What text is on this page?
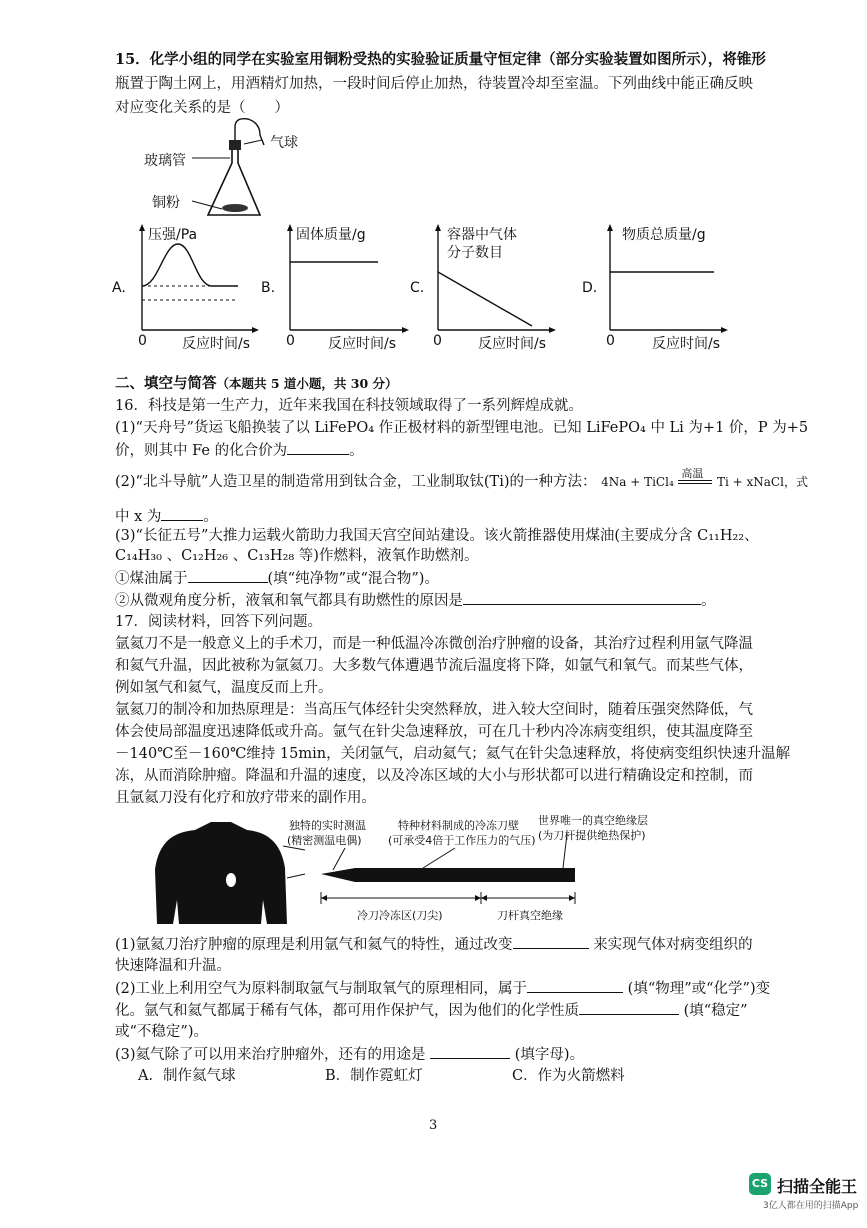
15．化学小组的同学在实验室用铜粉受热的实验验证质量守恒定律（部分实验装置如图所示），将锥形
瓶置于陶土网上，用酒精灯加热，一段时间后停止加热，待装置冷却至室温。下列曲线中能正确反映
对应变化关系的是（　　）
气球
玻璃管
铜粉
A.
压强/Pa
0	反应时间/s
B.
固体质量/g
0 反应时间/s
C.
容器中气体
分子数目
0	反应时间/s
D.
物质总质量/g
0	反应时间/s
二、填空与简答（本题共 5 道小题，共 30 分）
16．科技是第一生产力，近年来我国在科技领域取得了一系列辉煌成就。
(1)“天舟号”货运飞船换装了以 LiFePO₄ 作正极材料的新型锂电池。已知 LiFePO₄ 中 Li 为+1 价，P 为+5
价，则其中 Fe 的化合价为	。
(2)“北斗导航”人造卫星的制造常用到钛合金，工业制取钛(Ti)的一种方法： 4Na + TiCl₄
高温
Ti + xNaCl，式
中 x 为	。
(3)“长征五号”大推力运载火箭助力我国天宫空间站建设。该火箭推器使用煤油(主要成分含 C₁₁H₂₂、
C₁₄H₃₀ 、C₁₂H₂₆ 、C₁₃H₂₈ 等)作燃料，液氧作助燃剂。
①煤油属于	(填“纯净物”或“混合物”)。
②从微观角度分析，液氧和氧气都具有助燃性的原因是	。
17．阅读材料，回答下列问题。
氩氦刀不是一般意义上的手术刀，而是一种低温冷冻微创治疗肿瘤的设备，其治疗过程利用氩气降温
和氦气升温，因此被称为氩氦刀。大多数气体遭遇节流后温度将下降，如氩气和氧气。而某些气体，
例如氢气和氦气，温度反而上升。
氩氦刀的制冷和加热原理是：当高压气体经针尖突然释放，进入较大空间时，随着压强突然降低，气
体会使局部温度迅速降低或升高。氩气在针尖急速释放，可在几十秒内冷冻病变组织，使其温度降至
－140℃至－160℃维持 15min，关闭氩气，启动氦气；氦气在针尖急速释放，将使病变组织快速升温解
冻，从而消除肿瘤。降温和升温的速度，以及冷冻区域的大小与形状都可以进行精确设定和控制，而
且氩氦刀没有化疗和放疗带来的副作用。
独特的实时测温
(精密测温电偶)
特种材料制成的冷冻刀壁
(可承受4倍于工作压力的气压)
世界唯一的真空绝缘层
(为刀杆提供绝热保护)
冷刀冷冻区(刀尖)	刀杆真空绝缘
(1)氩氦刀治疗肿瘤的原理是利用氩气和氦气的特性，通过改变	来实现气体对病变组织的
快速降温和升温。
(2)工业上利用空气为原料制取氩气与制取氧气的原理相同，属于	(填“物理”或“化学”)变
化。氩气和氦气都属于稀有气体，都可用作保护气，因为他们的化学性质	(填“稳定”
或“不稳定”)。
(3)氦气除了可以用来治疗肿瘤外，还有的用途是	(填字母)。
A．制作氦气球	B．制作霓虹灯	C．作为火箭燃料
3
CS 扫描全能王
3亿人都在用的扫描App
